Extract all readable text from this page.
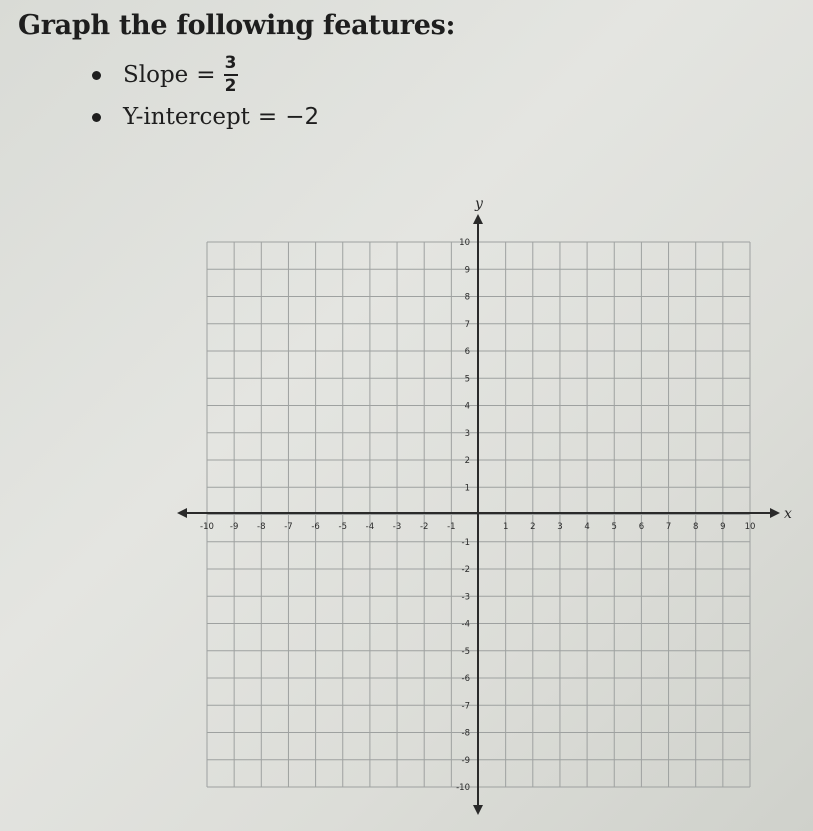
Graph the following features:
Slope = $\frac{3}{2}$
Y-intercept = −2
-10 -9 -8 -7 -6 -5 -4 -3 -2 -1	1	2	3	4	5	6	7	8	9 10
10
9
8
7
6
5
4
3
2
1
-1
-2
-3
-4
-5
-6
-7
-8
-9
-10
x
y
